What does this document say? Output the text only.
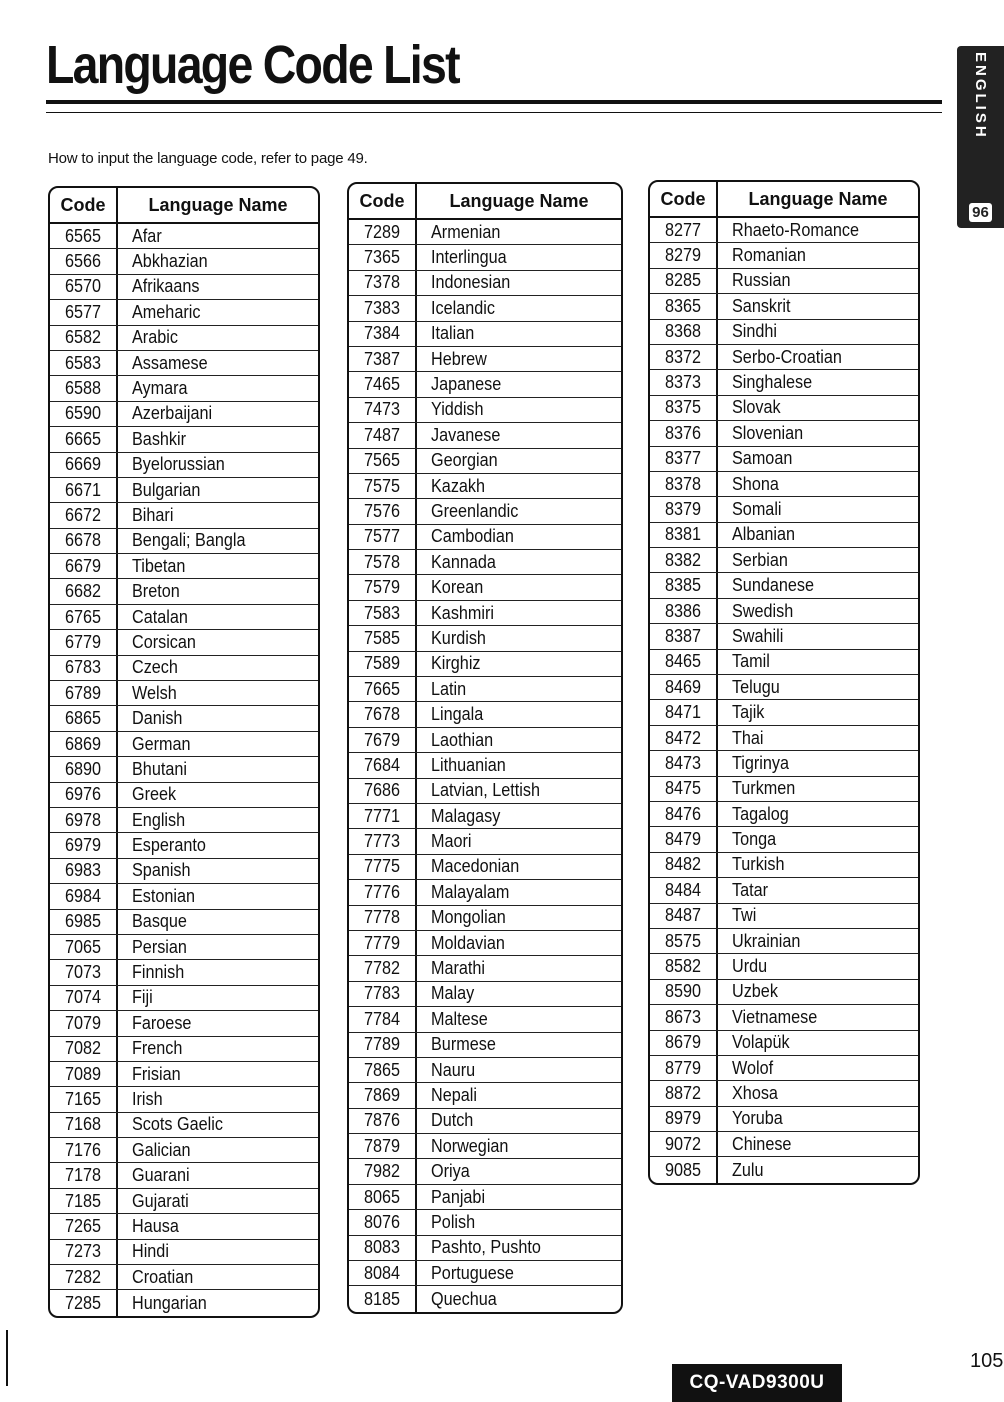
Language Code List	ENGLISH
96
How to input the language code, refer to page 49.
Code Language Name
6565 Afar
6566 Abkhazian
6570 Afrikaans
6577 Ameharic
6582 Arabic
6583 Assamese
6588 Aymara
6590 Azerbaijani
6665 Bashkir
6669 Byelorussian
6671 Bulgarian
6672 Bihari
6678 Bengali; Bangla
6679 Tibetan
6682 Breton
6765 Catalan
6779 Corsican
6783 Czech
6789 Welsh
6865 Danish
6869 German
6890 Bhutani
6976 Greek
6978 English
6979 Esperanto
6983 Spanish
6984 Estonian
6985 Basque
7065 Persian
7073 Finnish
7074 Fiji
7079 Faroese
7082 French
7089 Frisian
7165 Irish
7168 Scots Gaelic
7176 Galician
7178 Guarani
7185 Gujarati
7265 Hausa
7273 Hindi
7282 Croatian
7285 Hungarian
Code Language Name
7289 Armenian
7365 Interlingua
7378 Indonesian
7383 Icelandic
7384 Italian
7387 Hebrew
7465 Japanese
7473 Yiddish
7487 Javanese
7565 Georgian
7575 Kazakh
7576 Greenlandic
7577 Cambodian
7578 Kannada
7579 Korean
7583 Kashmiri
7585 Kurdish
7589 Kirghiz
7665 Latin
7678 Lingala
7679 Laothian
7684 Lithuanian
7686 Latvian, Lettish
7771 Malagasy
7773 Maori
7775 Macedonian
7776 Malayalam
7778 Mongolian
7779 Moldavian
7782 Marathi
7783 Malay
7784 Maltese
7789 Burmese
7865 Nauru
7869 Nepali
7876 Dutch
7879 Norwegian
7982 Oriya
8065 Panjabi
8076 Polish
8083 Pashto, Pushto
8084 Portuguese
8185 Quechua
Code Language Name
8277 Rhaeto-Romance
8279 Romanian
8285 Russian
8365 Sanskrit
8368 Sindhi
8372 Serbo-Croatian
8373 Singhalese
8375 Slovak
8376 Slovenian
8377 Samoan
8378 Shona
8379 Somali
8381 Albanian
8382 Serbian
8385 Sundanese
8386 Swedish
8387 Swahili
8465 Tamil
8469 Telugu
8471 Tajik
8472 Thai
8473 Tigrinya
8475 Turkmen
8476 Tagalog
8479 Tonga
8482 Turkish
8484 Tatar
8487 Twi
8575 Ukrainian
8582 Urdu
8590 Uzbek
8673 Vietnamese
8679 Volapük
8779 Wolof
8872 Xhosa
8979 Yoruba
9072 Chinese
9085 Zulu
105
CQ-VAD9300U
